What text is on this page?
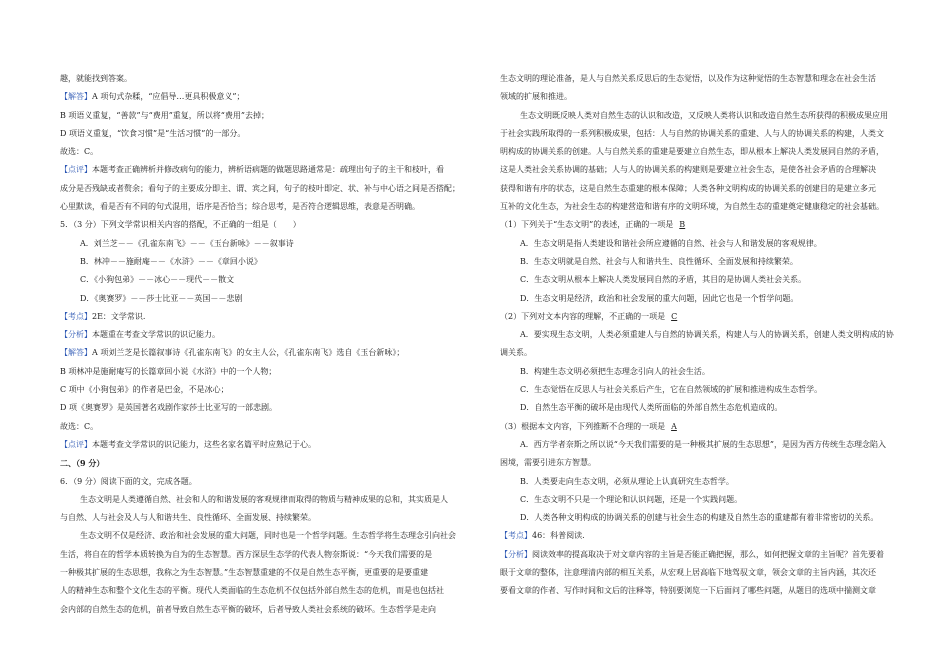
趣，就能找到答案。
【解答】A 项句式杂糅，“应倡导…更具积极意义”；
B 项语义重复，“善款”与“费用”重复，所以将“费用”去掉；
D 项语义重复，“饮食习惯”是“生活习惯”的一部分。
故选：C。
【点评】本题考查正确辨析并修改病句的能力，辨析语病题的做题思路通常是：疏理出句子的主干和枝叶，看
成分是否残缺或者赘余；看句子的主要成分即主、谓、宾之间，句子的枝叶即定、状、补与中心语之间是否搭配；
心里默读，看是否有不同的句式混用，语序是否恰当；综合思考，是否符合逻辑思维，表意是否明确。
5．（3 分）下列文学常识相关内容的搭配，不正确的一组是（　　）
A．刘兰芝－－《孔雀东南飞》－－《玉台新咏》－－叙事诗
B．林冲－－施耐庵－－《水浒》－－《章回小说》
C．《小狗包弟》－－冰心－－现代－－散文
D．《奥赛罗》－－莎士比亚－－英国－－悲剧
【考点】2E：文学常识.
【分析】本题重在考查文学常识的识记能力。
【解答】A 项刘兰芝是长篇叙事诗《孔雀东南飞》的女主人公，《孔雀东南飞》选自《玉台新咏》；
B 项林冲是施耐庵写的长篇章回小说《水浒》中的一个人物；
C 项中《小狗包弟》的作者是巴金，不是冰心；
D 项《奥赛罗》是英国著名戏剧作家莎士比亚写的一部悲剧。
故选：C。
【点评】本题考查文学常识的识记能力，这些名家名篇平时应熟记于心。
二、（9 分）
6．（9 分）阅读下面的文，完成各题。
生态文明是人类遵循自然、社会和人的和谐发展的客观规律而取得的物质与精神成果的总和，其实质是人
与自然、人与社会及人与人和谐共生、良性循环、全面发展、持续繁荣。
生态文明不仅是经济、政治和社会发展的重大问题，同时也是一个哲学问题。生态哲学将生态理念引向社会
生活，将自在的哲学本质转换为自为的生态智慧。西方深层生态学的代表人物奈斯说：“今天我们需要的是
一种极其扩展的生态思想，我称之为生态智慧。”生态智慧重建的不仅是自然生态平衡，更重要的是要重建
人的精神生态和整个文化生态的平衡。现代人类面临的生态危机不仅包括外部自然生态的危机，而是也包括社
会内部的自然生态的危机，前者导致自然生态平衡的破坏，后者导致人类社会系统的破坏。生态哲学是走向
生态文明的理论准备，是人与自然关系反思后的生态觉悟，以及作为这种觉悟的生态智慧和理念在社会生活
领域的扩展和推进。
生态文明既反映人类对自然生态的认识和改造，又反映人类将认识和改造自然生态所获得的积极成果应用
于社会实践所取得的一系列积极成果，包括：人与自然的协调关系的重建、人与人的协调关系的构建，人类文
明构成的协调关系的创建。人与自然关系的重建是要建立自然生态，即从根本上解决人类发展同自然的矛盾，
这是人类社会关系协调的基础；人与人的协调关系的构建则是要建立社会生态，是使各社会矛盾的合理解决
获得和谐有序的状态，这是自然生态重建的根本保障；人类各种文明构成的协调关系的创建目的是建立多元
互补的文化生态，为社会生态的构建营造和谐有序的文明环境，为自然生态的重建奠定健康稳定的社会基础。
（1）下列关于“生态文明”的表述，正确的一项是 B
A．生态文明是指人类建设和谐社会所应遵循的自然、社会与人和谐发展的客观规律。
B．生态文明就是自然、社会与人和谐共生、良性循环、全面发展和持续繁荣。
C．生态文明从根本上解决人类发展同自然的矛盾，其目的是协调人类社会关系。
D．生态文明是经济，政治和社会发展的重大问题，因此它也是一个哲学问题。
（2）下列对文本内容的理解，不正确的一项是 C
A．要实现生态文明，人类必须重建人与自然的协调关系，构建人与人的协调关系，创建人类文明构成的协
调关系。
B．构建生态文明必须把生态理念引向人的社会生活。
C．生态觉悟在反思人与社会关系后产生，它在自然领域的扩展和推进构成生态哲学。
D．自然生态平衡的破坏是由现代人类所面临的外部自然生态危机造成的。
（3）根据本文内容，下列推断不合理的一项是 A
A．西方学者奈斯之所以说“今天我们需要的是一种极其扩展的生态思想”，是因为西方传统生态理念陷入
困境，需要引进东方智慧。
B．人类要走向生态文明，必须从理论上认真研究生态哲学。
C．生态文明不只是一个理论和认识问题，还是一个实践问题。
D．人类各种文明构成的协调关系的创建与社会生态的构建及自然生态的重建都有着非常密切的关系。
【考点】46：科普阅读.
【分析】阅读效率的提高取决于对文章内容的主旨是否能正确把握，那么，如何把握文章的主旨呢？首先要着
眼于文章的整体，注意理清内部的相互关系，从宏观上居高临下地驾驭文章，领会文章的主旨内涵，其次还
要看文章的作者、写作时间和文后的注释等，特别要浏览一下后面问了哪些问题，从题目的选项中揣测文章
